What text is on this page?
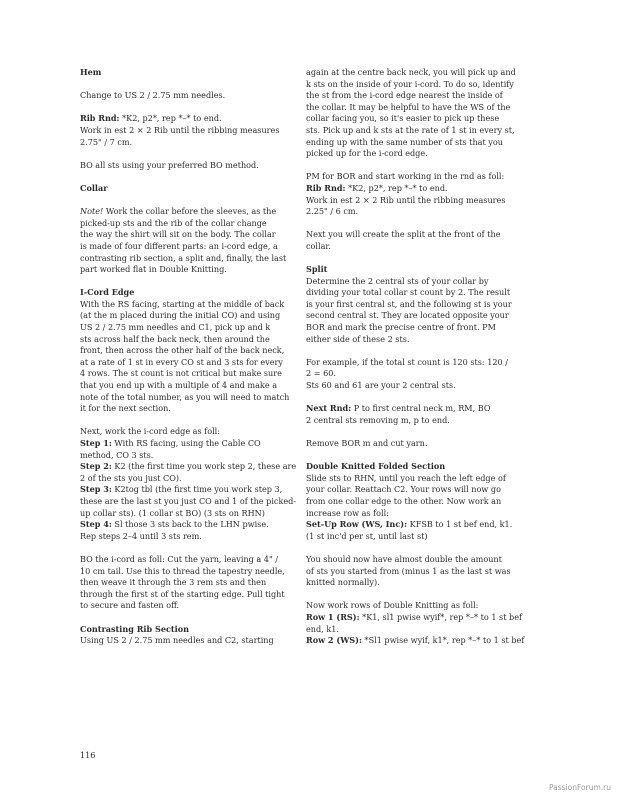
Hem
Change to US 2 / 2.75 mm needles.
Rib Rnd: *K2, p2*, rep *–* to end.
Work in est 2 × 2 Rib until the ribbing measures
2.75" / 7 cm.
BO all sts using your preferred BO method.
Collar
Note! Work the collar before the sleeves, as the
picked-up sts and the rib of the collar change
the way the shirt will sit on the body. The collar
is made of four different parts: an i-cord edge, a
contrasting rib section, a split and, finally, the last
part worked flat in Double Knitting.
I-Cord Edge
With the RS facing, starting at the middle of back
(at the m placed during the initial CO) and using
US 2 / 2.75 mm needles and C1, pick up and k
sts across half the back neck, then around the
front, then across the other half of the back neck,
at a rate of 1 st in every CO st and 3 sts for every
4 rows. The st count is not critical but make sure
that you end up with a multiple of 4 and make a
note of the total number, as you will need to match
it for the next section.
Next, work the i-cord edge as foll:
Step 1: With RS facing, using the Cable CO
method, CO 3 sts.
Step 2: K2 (the first time you work step 2, these are
2 of the sts you just CO).
Step 3: K2tog tbl (the first time you work step 3,
these are the last st you just CO and 1 of the picked-
up collar sts). (1 collar st BO) (3 sts on RHN)
Step 4: Sl those 3 sts back to the LHN pwise.
Rep steps 2–4 until 3 sts rem.
BO the i-cord as foll: Cut the yarn, leaving a 4" /
10 cm tail. Use this to thread the tapestry needle,
then weave it through the 3 rem sts and then
through the first st of the starting edge. Pull tight
to secure and fasten off.
Contrasting Rib Section
Using US 2 / 2.75 mm needles and C2, starting
again at the centre back neck, you will pick up and
k sts on the inside of your i-cord. To do so, identify
the st from the i-cord edge nearest the inside of
the collar. It may be helpful to have the WS of the
collar facing you, so it's easier to pick up these
sts. Pick up and k sts at the rate of 1 st in every st,
ending up with the same number of sts that you
picked up for the i-cord edge.
PM for BOR and start working in the rnd as foll:
Rib Rnd: *K2, p2*, rep *–* to end.
Work in est 2 × 2 Rib until the ribbing measures
2.25" / 6 cm.
Next you will create the split at the front of the
collar.
Split
Determine the 2 central sts of your collar by
dividing your total collar st count by 2. The result
is your first central st, and the following st is your
second central st. They are located opposite your
BOR and mark the precise centre of front. PM
either side of these 2 sts.
For example, if the total st count is 120 sts: 120 /
2 = 60.
Sts 60 and 61 are your 2 central sts.
Next Rnd: P to first central neck m, RM, BO
2 central sts removing m, p to end.
Remove BOR m and cut yarn.
Double Knitted Folded Section
Slide sts to RHN, until you reach the left edge of
your collar. Reattach C2. Your rows will now go
from one collar edge to the other. Now work an
increase row as foll:
Set-Up Row (WS, Inc): KFSB to 1 st bef end, k1.
(1 st inc'd per st, until last st)
You should now have almost double the amount
of sts you started from (minus 1 as the last st was
knitted normally).
Now work rows of Double Knitting as foll:
Row 1 (RS): *K1, sl1 pwise wyif*, rep *–* to 1 st bef
end, k1.
Row 2 (WS): *Sl1 pwise wyif, k1*, rep *–* to 1 st bef
116
PassionForum.ru
